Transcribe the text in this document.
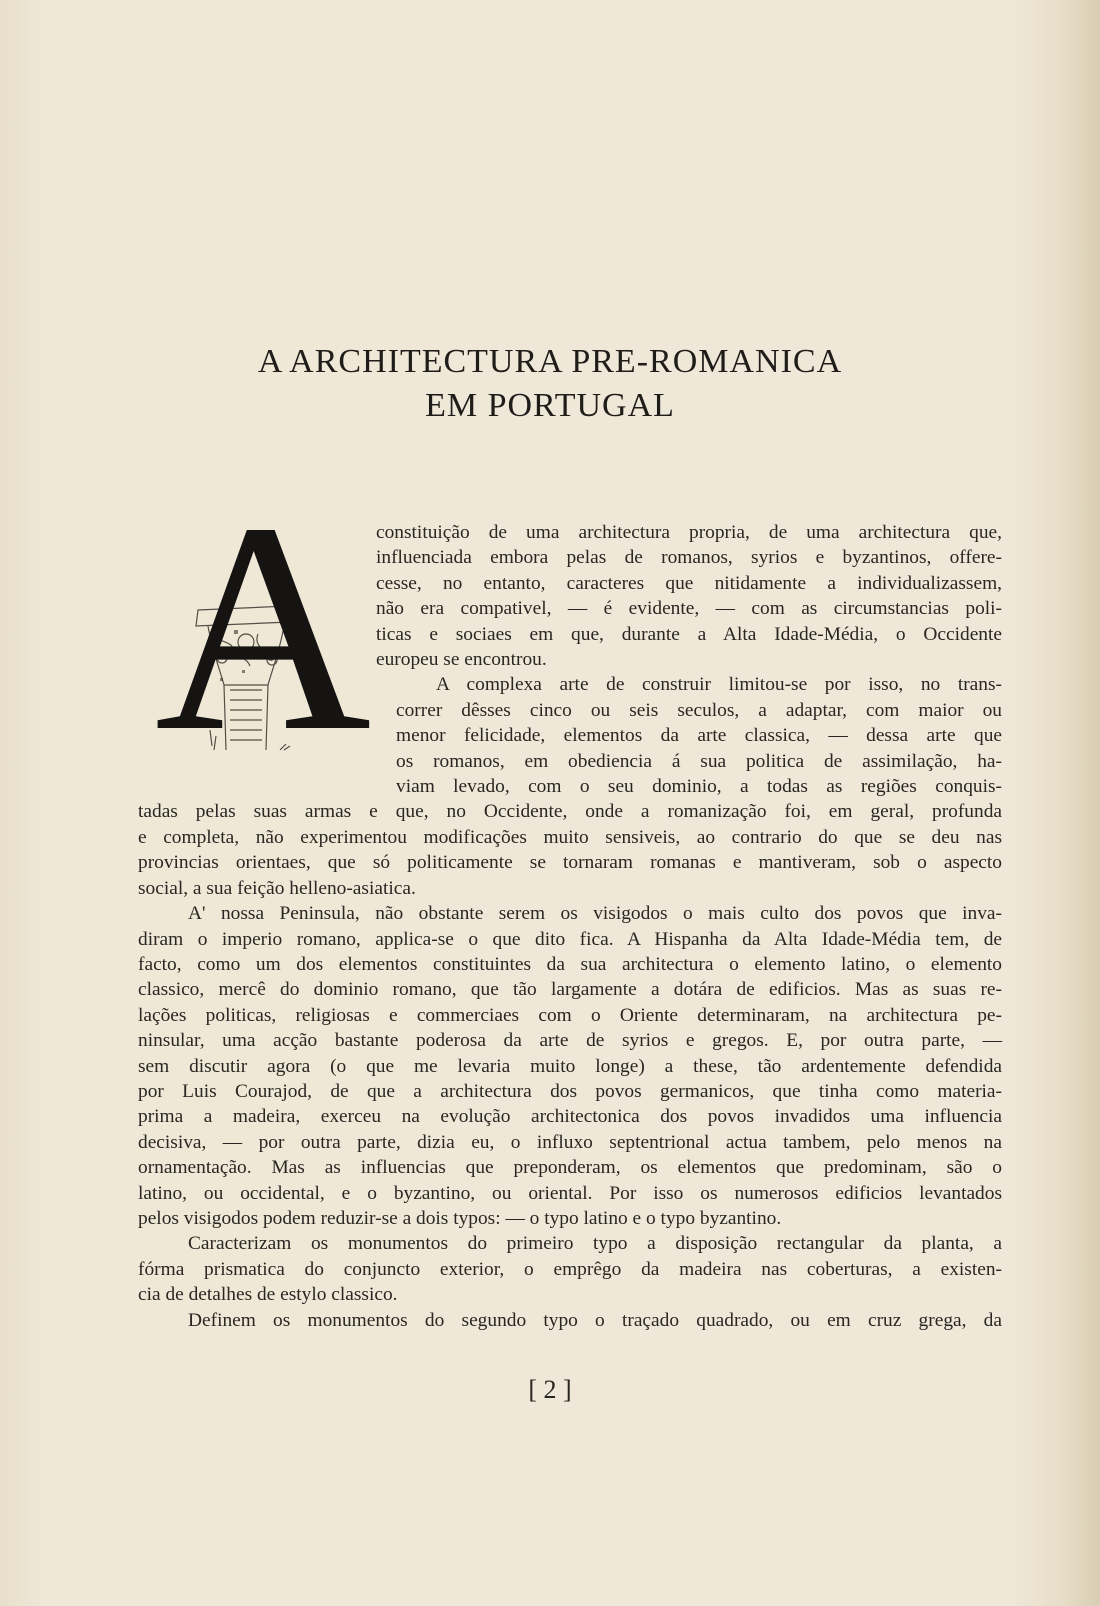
A ARCHITECTURA PRE-ROMANICA
EM PORTUGAL
A constituição de uma architectura propria, de uma architectura que,
influenciada embora pelas de romanos, syrios e byzantinos, offere-
cesse, no entanto, caracteres que nitidamente a individualizassem,
não era compativel, — é evidente, — com as circumstancias poli-
ticas e sociaes em que, durante a Alta Idade-Média, o Occidente
europeu se encontrou.

A complexa arte de construir limitou-se por isso, no trans-
correr dêsses cinco ou seis seculos, a adaptar, com maior ou
menor felicidade, elementos da arte classica, — dessa arte que
os romanos, em obediencia á sua politica de assimilação, ha-
viam levado, com o seu dominio, a todas as regiões conquis-
tadas pelas suas armas e que, no Occidente, onde a romanização foi, em geral, profunda
e completa, não experimentou modificações muito sensiveis, ao contrario do que se deu nas
provincias orientaes, que só politicamente se tornaram romanas e mantiveram, sob o aspecto
social, a sua feição helleno-asiatica.

A' nossa Peninsula, não obstante serem os visigodos o mais culto dos povos que inva-
diram o imperio romano, applica-se o que dito fica. A Hispanha da Alta Idade-Média tem, de
facto, como um dos elementos constituintes da sua architectura o elemento latino, o elemento
classico, mercê do dominio romano, que tão largamente a dotára de edificios. Mas as suas re-
lações politicas, religiosas e commerciaes com o Oriente determinaram, na architectura pe-
ninsular, uma acção bastante poderosa da arte de syrios e gregos. E, por outra parte, —
sem discutir agora (o que me levaria muito longe) a these, tão ardentemente defendida
por Luis Courajod, de que a architectura dos povos germanicos, que tinha como materia-
prima a madeira, exerceu na evolução architectonica dos povos invadidos uma influencia
decisiva, — por outra parte, dizia eu, o influxo septentrional actua tambem, pelo menos na
ornamentação. Mas as influencias que preponderam, os elementos que predominam, são o
latino, ou occidental, e o byzantino, ou oriental. Por isso os numerosos edificios levantados
pelos visigodos podem reduzir-se a dois typos: — o typo latino e o typo byzantino.

Caracterizam os monumentos do primeiro typo a disposição rectangular da planta, a
fórma prismatica do conjuncto exterior, o emprêgo da madeira nas coberturas, a existen-
cia de detalhes de estylo classico.

Definem os monumentos do segundo typo o traçado quadrado, ou em cruz grega, da

[ 2 ]
